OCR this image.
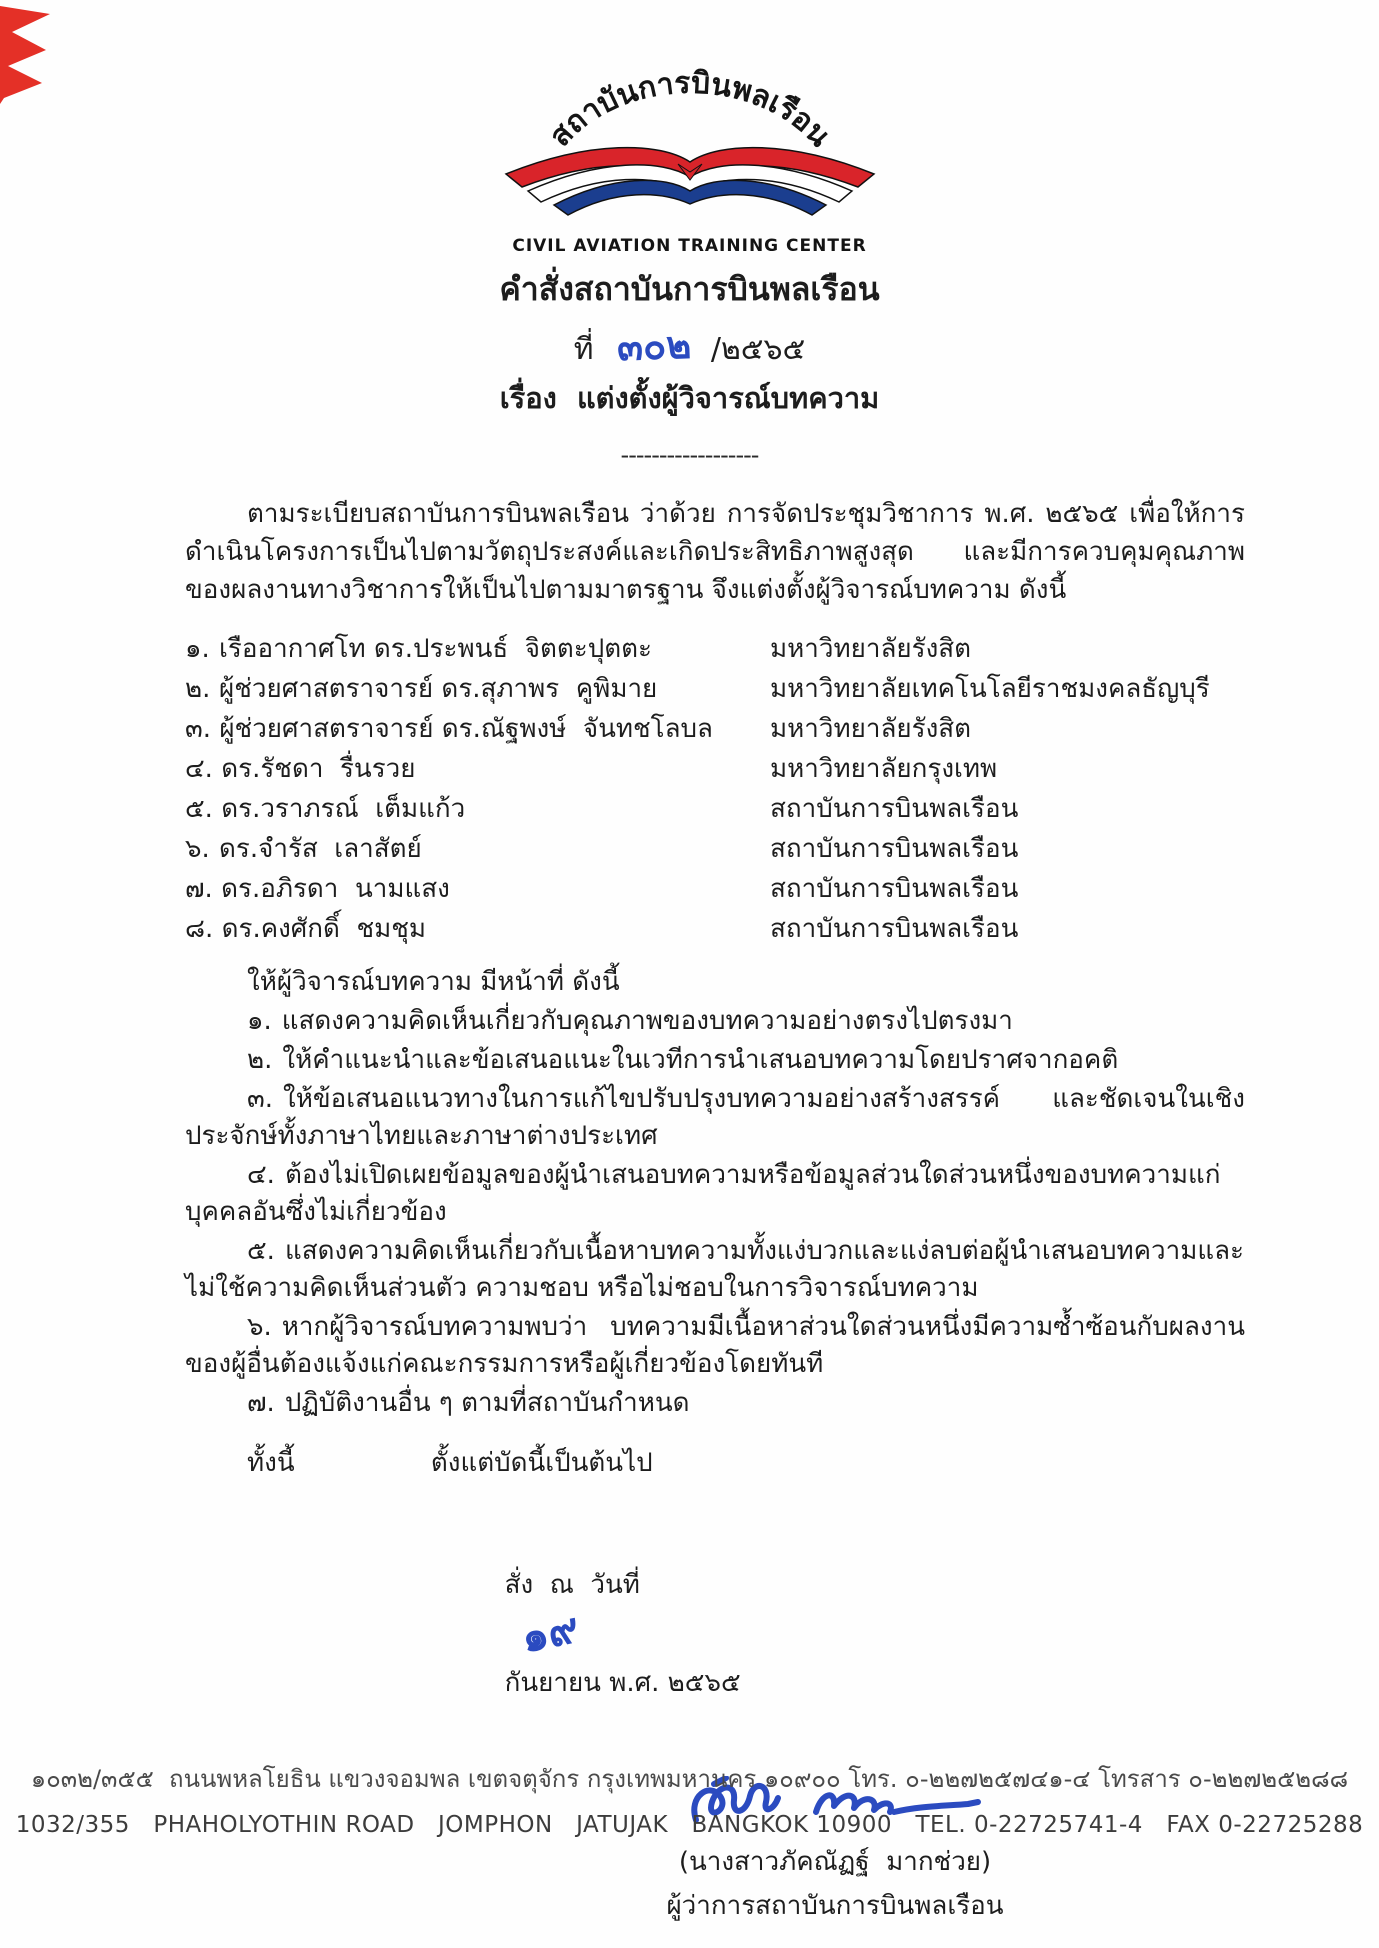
สถาบันการบินพลเรือน
CIVIL AVIATION TRAINING CENTER
คำสั่งสถาบันการบินพลเรือน
ที่ ๓๐๒ /๒๕๖๕
เรื่อง  แต่งตั้งผู้วิจารณ์บทความ
------------------

ตามระเบียบสถาบันการบินพลเรือน ว่าด้วย การจัดประชุมวิชาการ พ.ศ. ๒๕๖๕ เพื่อให้การดำเนินโครงการเป็นไปตามวัตถุประสงค์และเกิดประสิทธิภาพสูงสุด และมีการควบคุมคุณภาพของผลงานทางวิชาการให้เป็นไปตามมาตรฐาน จึงแต่งตั้งผู้วิจารณ์บทความ ดังนี้

๑. เรืออากาศโท ดร.ประพนธ์  จิตตะปุตตะ	มหาวิทยาลัยรังสิต
๒. ผู้ช่วยศาสตราจารย์ ดร.สุภาพร  คูพิมาย	มหาวิทยาลัยเทคโนโลยีราชมงคลธัญบุรี
๓. ผู้ช่วยศาสตราจารย์ ดร.ณัฐพงษ์  จันทชโลบล มหาวิทยาลัยรังสิต
๔. ดร.รัชดา  รื่นรวย	มหาวิทยาลัยกรุงเทพ
๕. ดร.วราภรณ์  เต็มแก้ว	สถาบันการบินพลเรือน
๖. ดร.จำรัส  เลาสัตย์	สถาบันการบินพลเรือน
๗. ดร.อภิรดา  นามแสง	สถาบันการบินพลเรือน
๘. ดร.คงศักดิ์  ชมชุม	สถาบันการบินพลเรือน

ให้ผู้วิจารณ์บทความ มีหน้าที่ ดังนี้

๑. แสดงความคิดเห็นเกี่ยวกับคุณภาพของบทความอย่างตรงไปตรงมา

๒. ให้คำแนะนำและข้อเสนอแนะในเวทีการนำเสนอบทความโดยปราศจากอคติ

๓. ให้ข้อเสนอแนวทางในการแก้ไขปรับปรุงบทความอย่างสร้างสรรค์ และชัดเจนในเชิงประจักษ์ทั้งภาษาไทยและภาษาต่างประเทศ

๔. ต้องไม่เปิดเผยข้อมูลของผู้นำเสนอบทความหรือข้อมูลส่วนใดส่วนหนึ่งของบทความแก่บุคคลอันซึ่งไม่เกี่ยวข้อง

๕. แสดงความคิดเห็นเกี่ยวกับเนื้อหาบทความทั้งแง่บวกและแง่ลบต่อผู้นำเสนอบทความและไม่ใช้ความคิดเห็นส่วนตัว ความชอบ หรือไม่ชอบในการวิจารณ์บทความ

๖. หากผู้วิจารณ์บทความพบว่า บทความมีเนื้อหาส่วนใดส่วนหนึ่งมีความซ้ำซ้อนกับผลงานของผู้อื่นต้องแจ้งแก่คณะกรรมการหรือผู้เกี่ยวข้องโดยทันที

๗. ปฏิบัติงานอื่น ๆ ตามที่สถาบันกำหนด

ทั้งนี้	ตั้งแต่บัดนี้เป็นต้นไป

สั่ง  ณ  วันที่
๑๙
กันยายน พ.ศ. ๒๕๖๕

(นางสาวภัคณัฏฐ์  มากช่วย)
ผู้ว่าการสถาบันการบินพลเรือน
๑๐๓๒/๓๕๕  ถนนพหลโยธิน แขวงจอมพล เขตจตุจักร กรุงเทพมหานคร ๑๐๙๐๐ โทร. ๐-๒๒๗๒๕๗๔๑-๔ โทรสาร ๐-๒๒๗๒๕๒๘๘
1032/355   PHAHOLYOTHIN ROAD   JOMPHON   JATUJAK   BANGKOK 10900   TEL. 0-22725741-4   FAX 0-22725288
